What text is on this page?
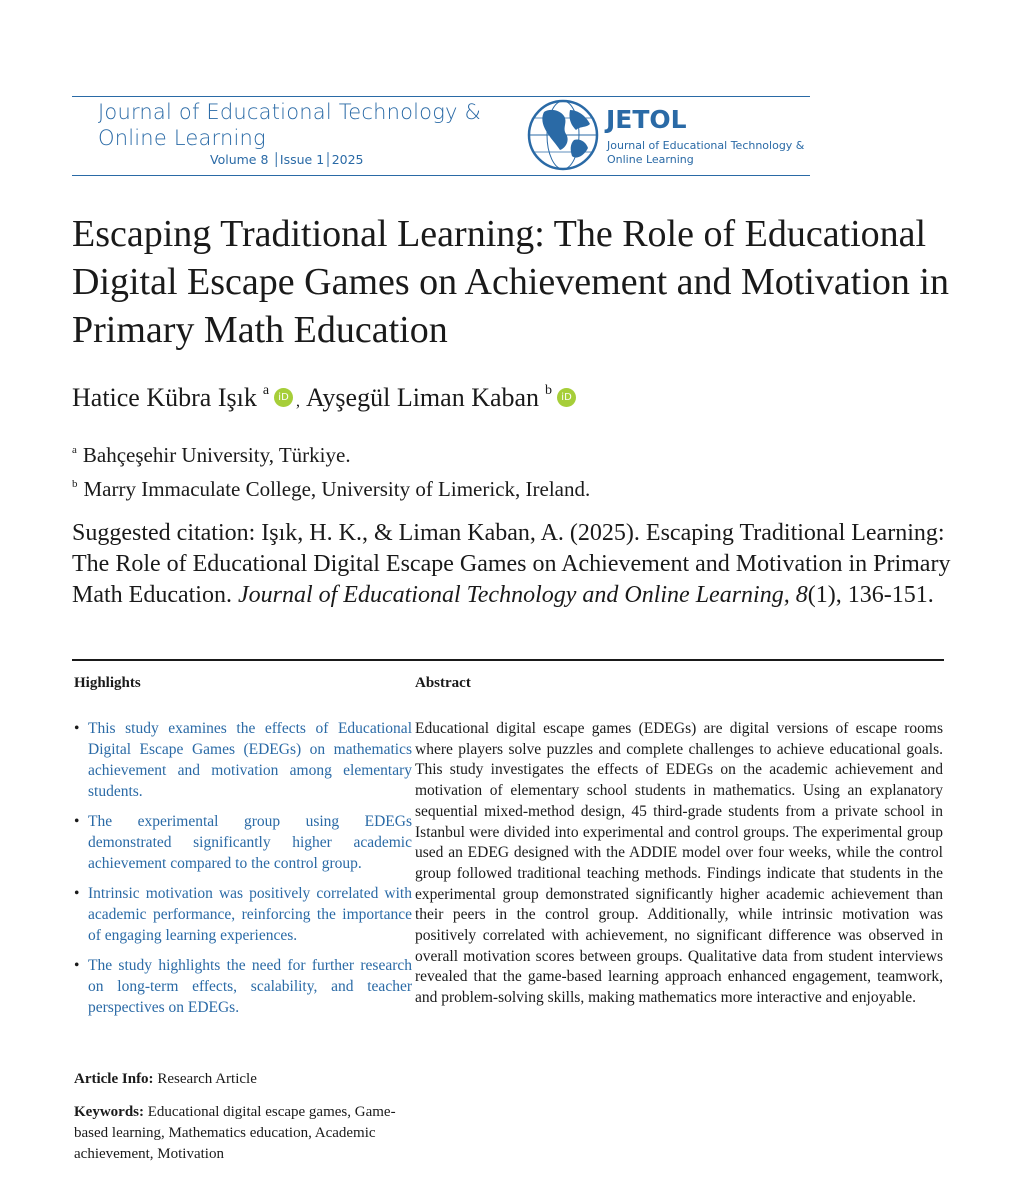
Journal of Educational Technology &
Online Learning
Volume 8 │Issue 1│2025
JETOL
Journal of Educational Technology &
Online Learning
Escaping Traditional Learning: The Role of Educational Digital Escape Games on Achievement and Motivation in Primary Math Education
Hatice Kübra Işık $^a$ iD , Ayşegül Liman Kaban $^b$ iD
$^a$ Bahçeşehir University, Türkiye.
$^b$ Marry Immaculate College, University of Limerick, Ireland.

Suggested citation: Işık, H. K., & Liman Kaban, A. (2025). Escaping Traditional Learning: The Role of Educational Digital Escape Games on Achievement and Motivation in Primary Math Education. Journal of Educational Technology and Online Learning, 8(1), 136-151.

Highlights	Abstract
• This study examines the effects of Educational Digital Escape Games (EDEGs) on mathematics achievement and motivation among elementary students.
• The experimental group using EDEGs demonstrated significantly higher academic achievement compared to the control group.
• Intrinsic motivation was positively correlated with academic performance, reinforcing the importance of engaging learning experiences.
• The study highlights the need for further research on long-term effects, scalability, and teacher perspectives on EDEGs.

Educational digital escape games (EDEGs) are digital versions of escape rooms where players solve puzzles and complete challenges to achieve educational goals. This study investigates the effects of EDEGs on the academic achievement and motivation of elementary school students in mathematics. Using an explanatory sequential mixed-method design, 45 third-grade students from a private school in Istanbul were divided into experimental and control groups. The experimental group used an EDEG designed with the ADDIE model over four weeks, while the control group followed traditional teaching methods. Findings indicate that students in the experimental group demonstrated significantly higher academic achievement than their peers in the control group. Additionally, while intrinsic motivation was positively correlated with achievement, no significant difference was observed in overall motivation scores between groups. Qualitative data from student interviews revealed that the game-based learning approach enhanced engagement, teamwork, and problem-solving skills, making mathematics more interactive and enjoyable.

Article Info: Research Article

Keywords: Educational digital escape games, Game-based learning, Mathematics education, Academic achievement, Motivation
